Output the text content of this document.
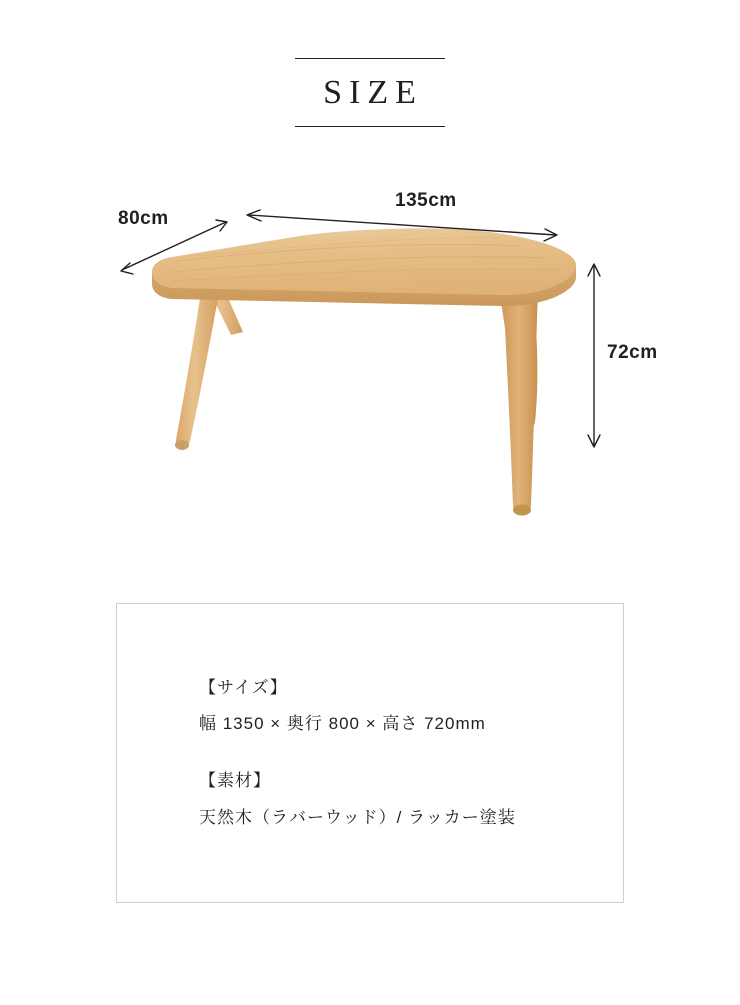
SIZE
135cm
80cm
72cm
【サイズ】
幅 1350 × 奥行 800 × 高さ 720mm
【素材】
天然木（ラバーウッド）/ ラッカー塗装
